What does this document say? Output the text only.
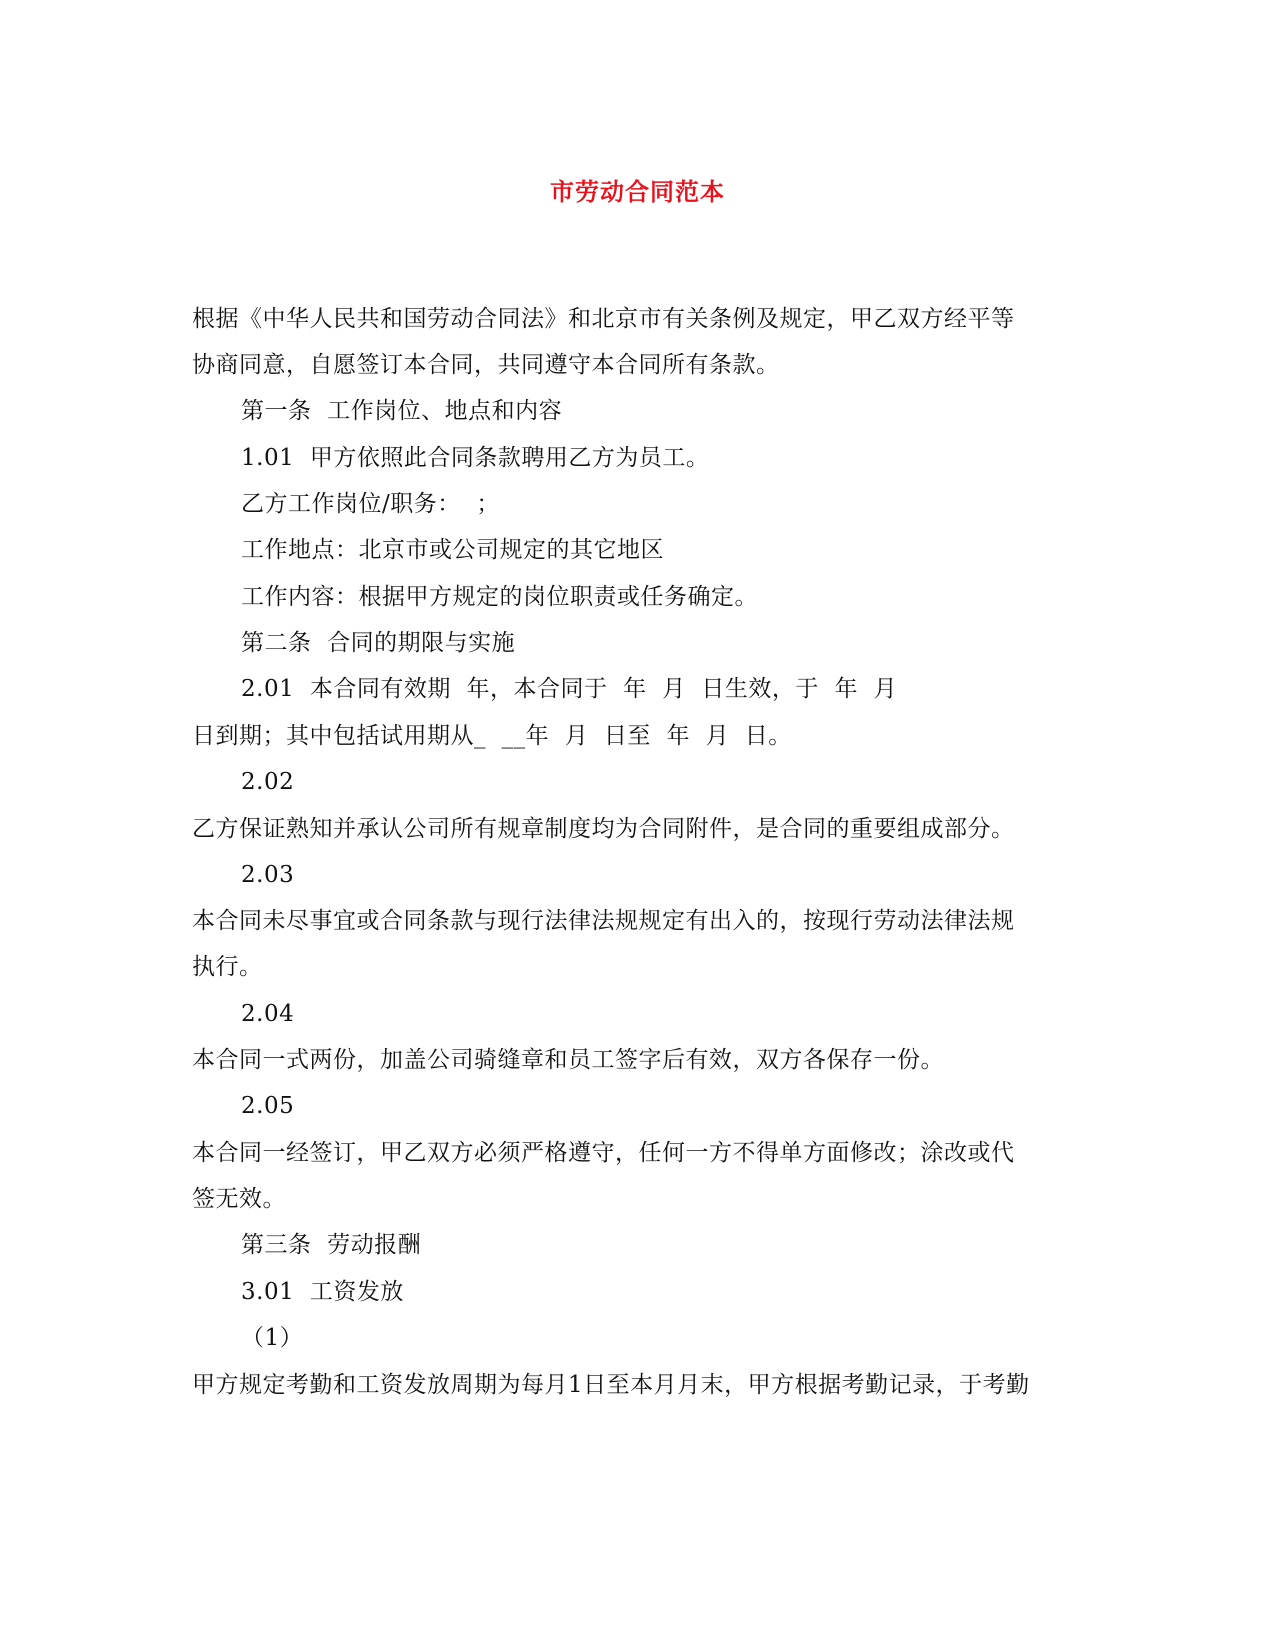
市劳动合同范本
根据《中华人民共和国劳动合同法》和北京市有关条例及规定，甲乙双方经平等
协商同意，自愿签订本合同，共同遵守本合同所有条款。
第一条  工作岗位、地点和内容
1.01  甲方依照此合同条款聘用乙方为员工。
乙方工作岗位/职务：  ；
工作地点：北京市或公司规定的其它地区
工作内容：根据甲方规定的岗位职责或任务确定。
第二条  合同的期限与实施
2.01  本合同有效期  年，本合同于  年  月  日生效，于  年  月
日到期；其中包括试用期从_  __年  月  日至  年  月  日。
2.02
乙方保证熟知并承认公司所有规章制度均为合同附件，是合同的重要组成部分。
2.03
本合同未尽事宜或合同条款与现行法律法规规定有出入的，按现行劳动法律法规
执行。
2.04
本合同一式两份，加盖公司骑缝章和员工签字后有效，双方各保存一份。
2.05
本合同一经签订，甲乙双方必须严格遵守，任何一方不得单方面修改；涂改或代
签无效。
第三条  劳动报酬
3.01  工资发放
（1）
甲方规定考勤和工资发放周期为每月1日至本月月末，甲方根据考勤记录，于考勤
